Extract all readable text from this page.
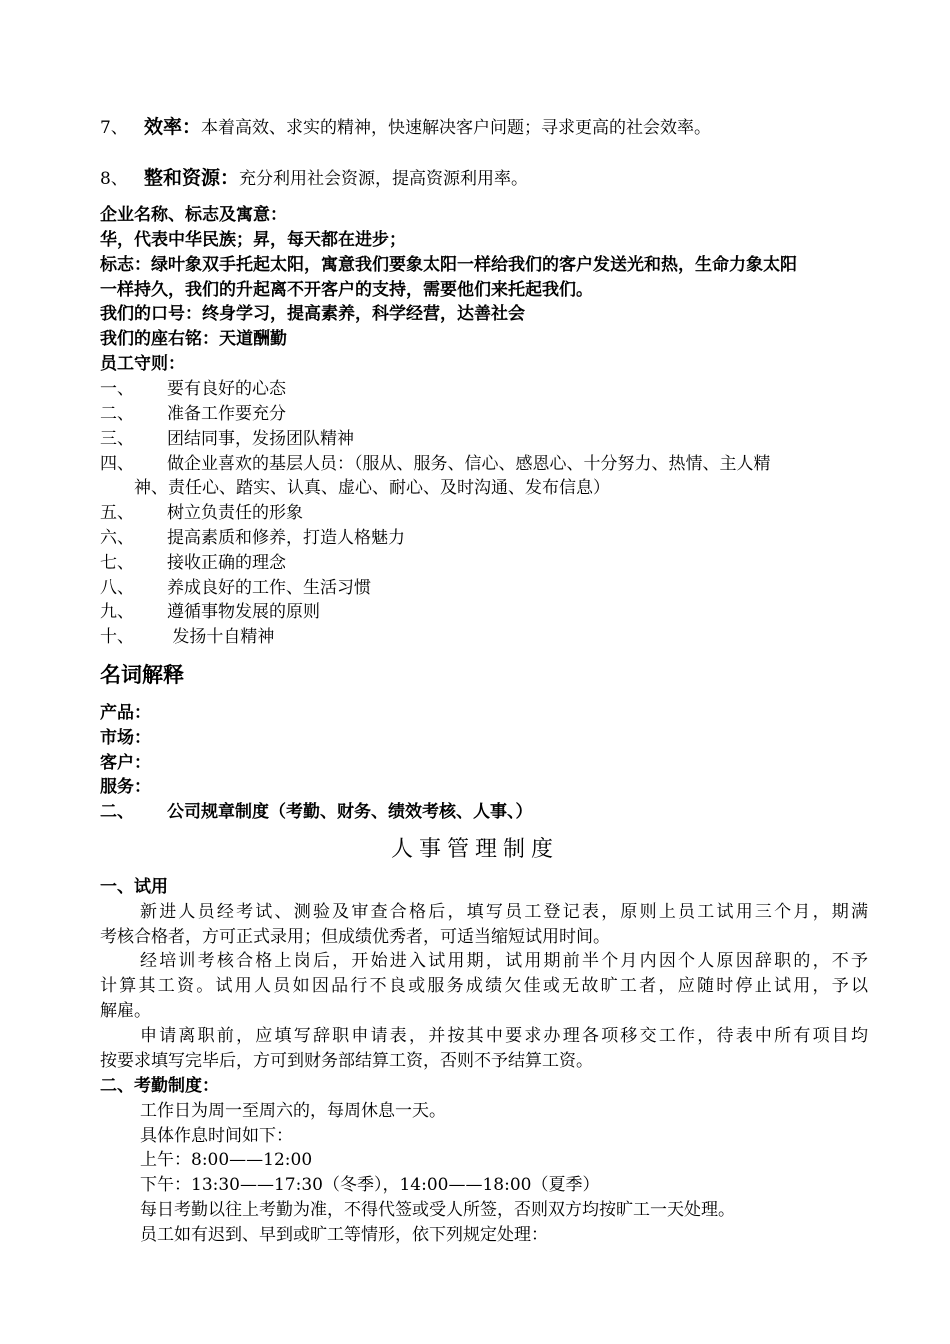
7、 效率：本着高效、求实的精神，快速解决客户问题；寻求更高的社会效率。
8、 整和资源：充分利用社会资源，提高资源利用率。
企业名称、标志及寓意：
华，代表中华民族；昇，每天都在进步；
标志：绿叶象双手托起太阳，寓意我们要象太阳一样给我们的客户发送光和热，生命力象太阳
一样持久，我们的升起离不开客户的支持，需要他们来托起我们。
我们的口号：终身学习，提高素养，科学经营，达善社会
我们的座右铭：天道酬勤
员工守则：
一、 要有良好的心态
二、 准备工作要充分
三、 团结同事，发扬团队精神
四、 做企业喜欢的基层人员：（服从、服务、信心、感恩心、十分努力、热情、主人精
神、责任心、踏实、认真、虚心、耐心、及时沟通、发布信息）
五、 树立负责任的形象
六、 提高素质和修养，打造人格魅力
七、 接收正确的理念
八、 养成良好的工作、生活习惯
九、 遵循事物发展的原则
十、 发扬十自精神
名词解释
产品：
市场：
客户：
服务：
二、 公司规章制度（考勤、财务、绩效考核、人事、）
人事管理制度
一、试用
新进人员经考试、测验及审查合格后，填写员工登记表，原则上员工试用三个月，期满
考核合格者，方可正式录用；但成绩优秀者，可适当缩短试用时间。
经培训考核合格上岗后，开始进入试用期，试用期前半个月内因个人原因辞职的，不予
计算其工资。试用人员如因品行不良或服务成绩欠佳或无故旷工者，应随时停止试用，予以
解雇。
申请离职前，应填写辞职申请表，并按其中要求办理各项移交工作，待表中所有项目均
按要求填写完毕后，方可到财务部结算工资，否则不予结算工资。
二、考勤制度：
工作日为周一至周六的，每周休息一天。
具体作息时间如下：
上午：8:00——12:00
下午：13:30——17:30（冬季），14:00——18:00（夏季）
每日考勤以往上考勤为准，不得代签或受人所签，否则双方均按旷工一天处理。
员工如有迟到、早到或旷工等情形，依下列规定处理：
